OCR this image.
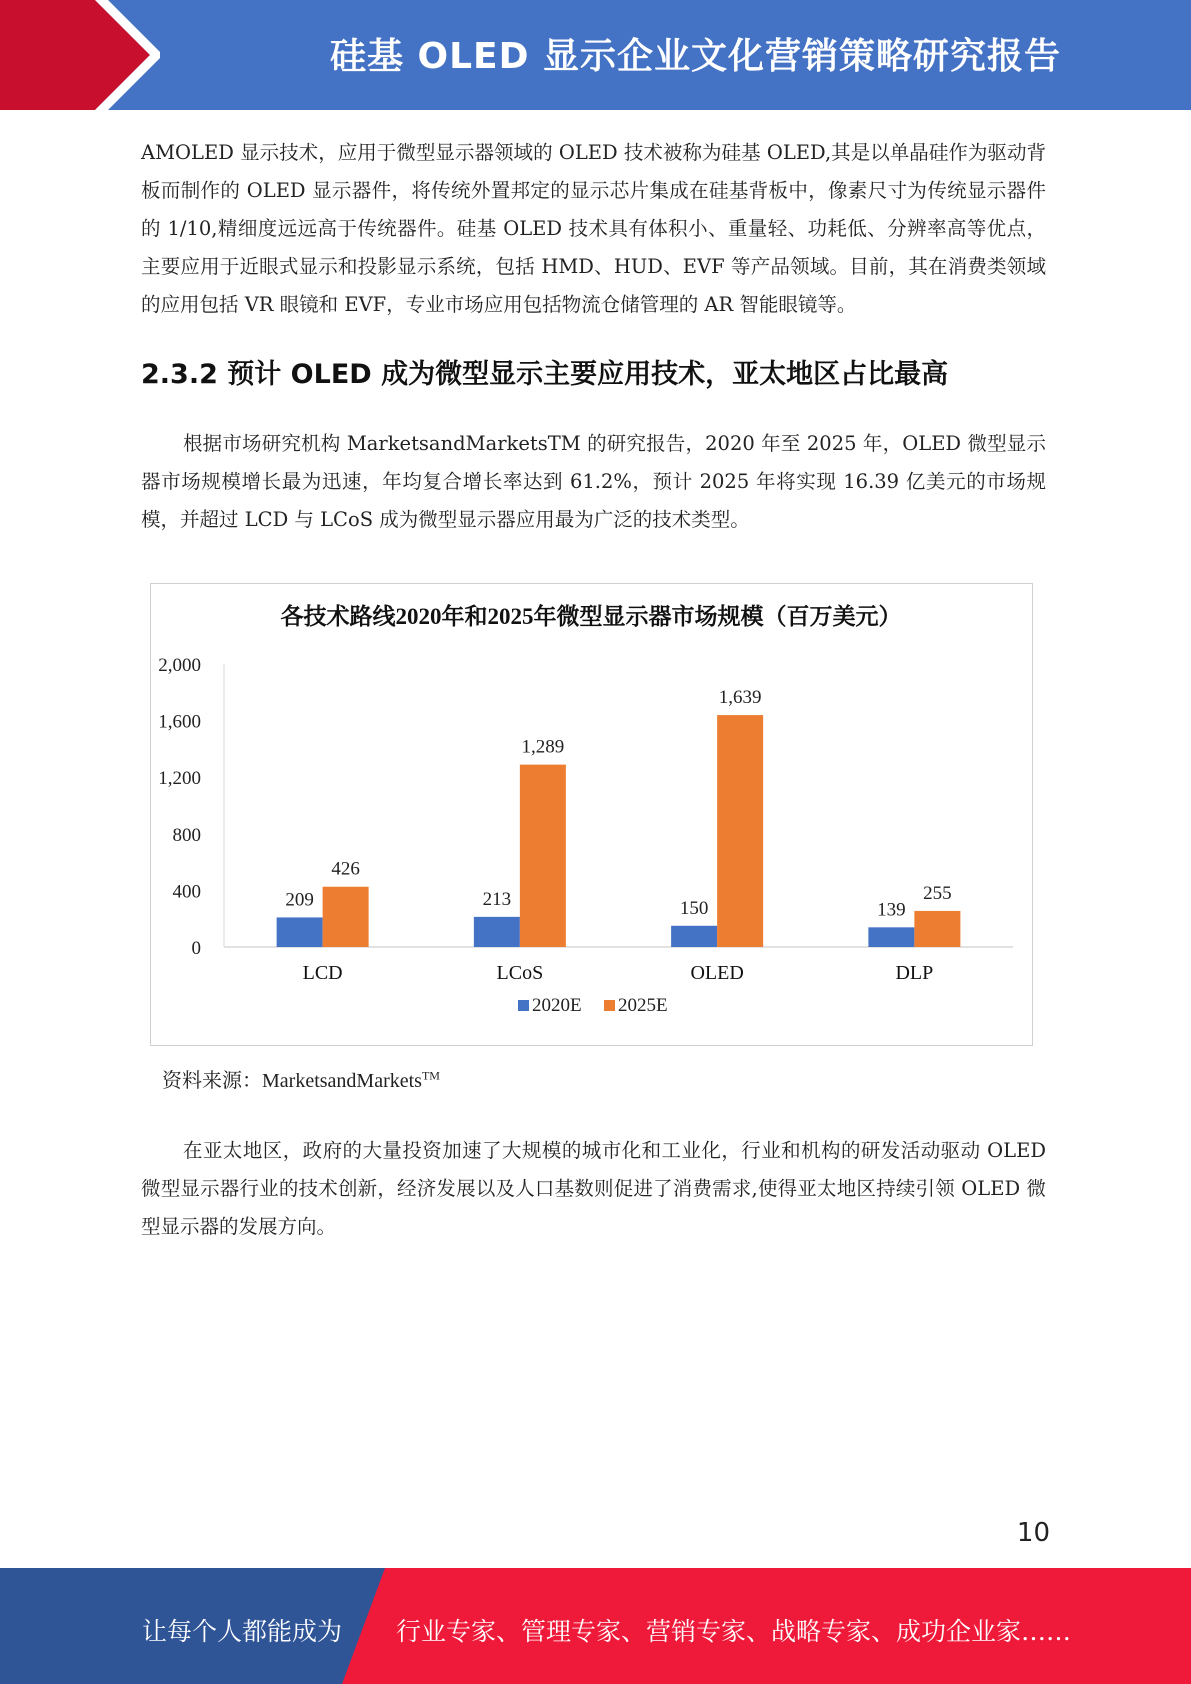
硅基 OLED 显示企业文化营销策略研究报告

AMOLED 显示技术，应用于微型显示器领域的 OLED 技术被称为硅基 OLED,其是以单晶硅作为驱动背板而制作的 OLED 显示器件，将传统外置邦定的显示芯片集成在硅基背板中，像素尺寸为传统显示器件的 1/10,精细度远远高于传统器件。硅基 OLED 技术具有体积小、重量轻、功耗低、分辨率高等优点，主要应用于近眼式显示和投影显示系统，包括 HMD、HUD、EVF 等产品领域。目前，其在消费类领域的应用包括 VR 眼镜和 EVF，专业市场应用包括物流仓储管理的 AR 智能眼镜等。

2.3.2 预计 OLED 成为微型显示主要应用技术，亚太地区占比最高

根据市场研究机构 MarketsandMarketsTM 的研究报告，2020 年至 2025 年，OLED 微型显示器市场规模增长最为迅速，年均复合增长率达到 61.2%，预计 2025 年将实现 16.39 亿美元的市场规模，并超过 LCD 与 LCoS 成为微型显示器应用最为广泛的技术类型。

各技术路线2020年和2025年微型显示器市场规模（百万美元）
0
400
800
1,200
1,600
2,000
209
426
LCD
213
1,289
LCoS
150
1,639
OLED
139
255
DLP
2020E 2025E
资料来源：MarketsandMarkets™

在亚太地区，政府的大量投资加速了大规模的城市化和工业化，行业和机构的研发活动驱动 OLED 微型显示器行业的技术创新，经济发展以及人口基数则促进了消费需求,使得亚太地区持续引领 OLED 微型显示器的发展方向。

10
让每个人都能成为 行业专家、管理专家、营销专家、战略专家、成功企业家……
